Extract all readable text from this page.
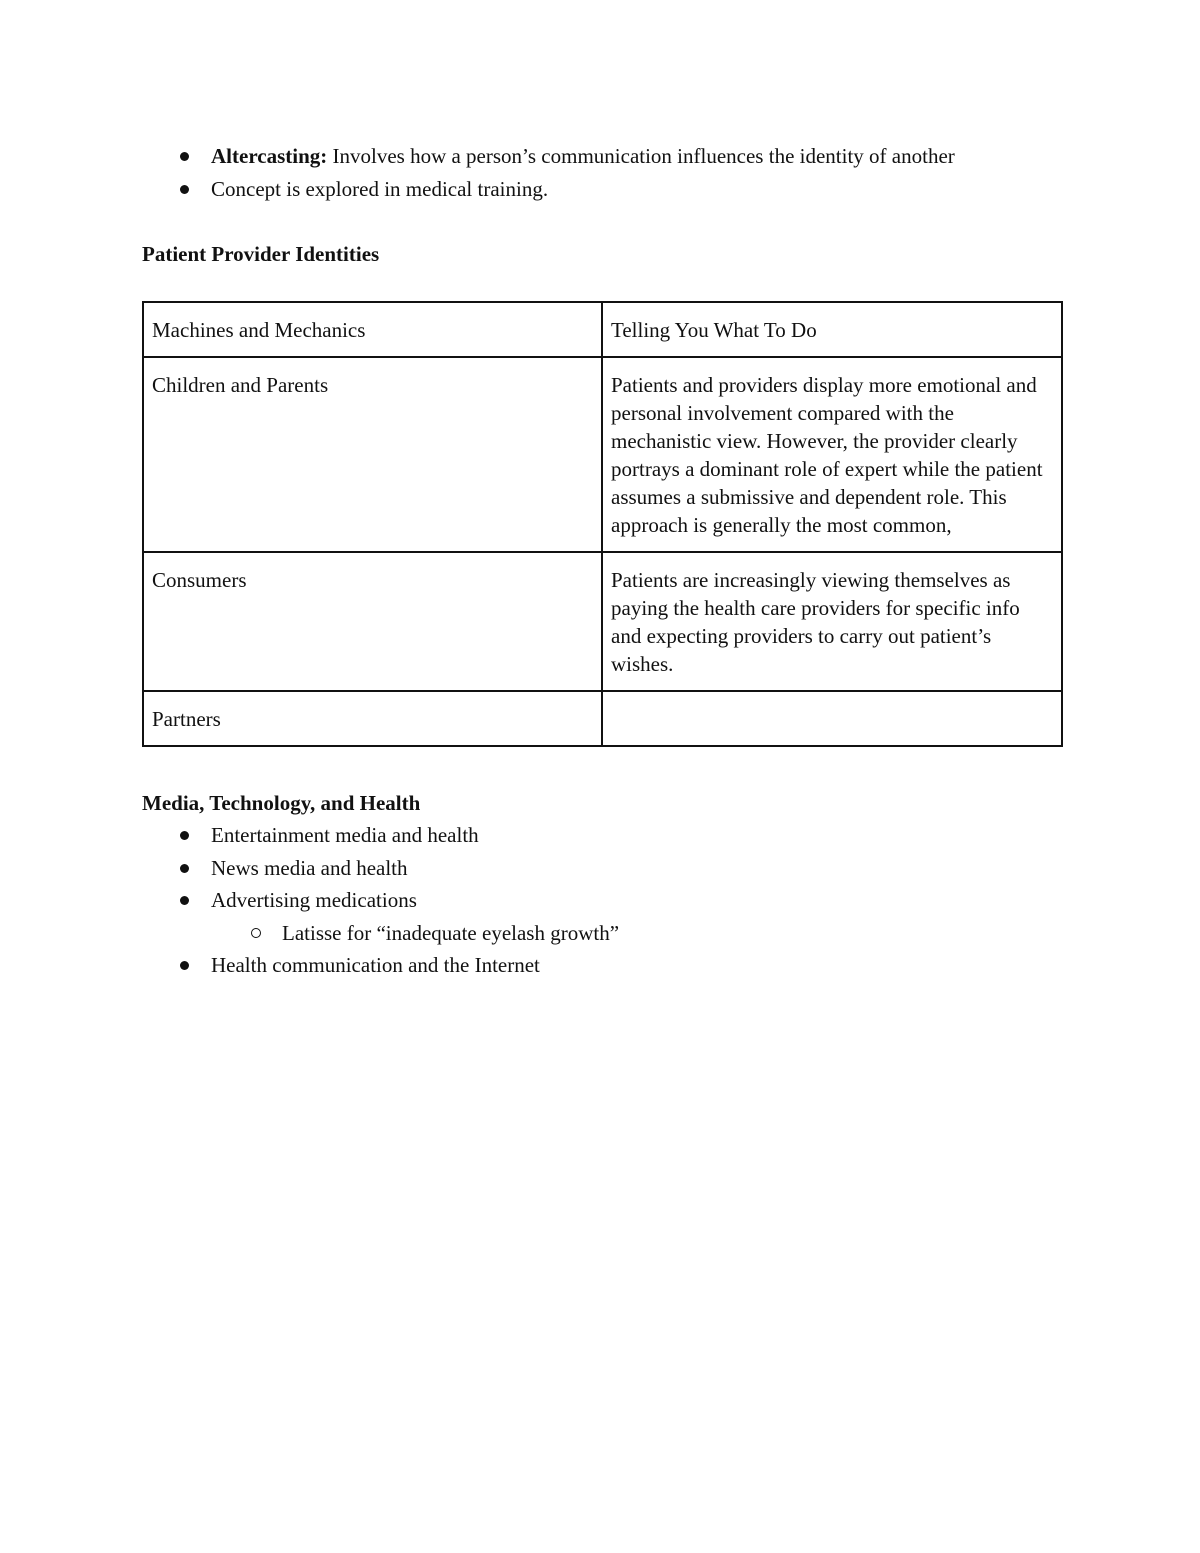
Altercasting: Involves how a person’s communication influences the identity of another
Concept is explored in medical training.
Patient Provider Identities
Machines and Mechanics	Telling You What To Do
Children and Parents	Patients and providers display more emotional and personal involvement compared with the mechanistic view. However, the provider clearly portrays a dominant role of expert while the patient assumes a submissive and dependent role. This approach is generally the most common,
Consumers	Patients are increasingly viewing themselves as paying the health care providers for specific info and expecting providers to carry out patient’s wishes.
Partners	
Media, Technology, and Health
Entertainment media and health
News media and health
Advertising medications
Latisse for “inadequate eyelash growth”
Health communication and the Internet
